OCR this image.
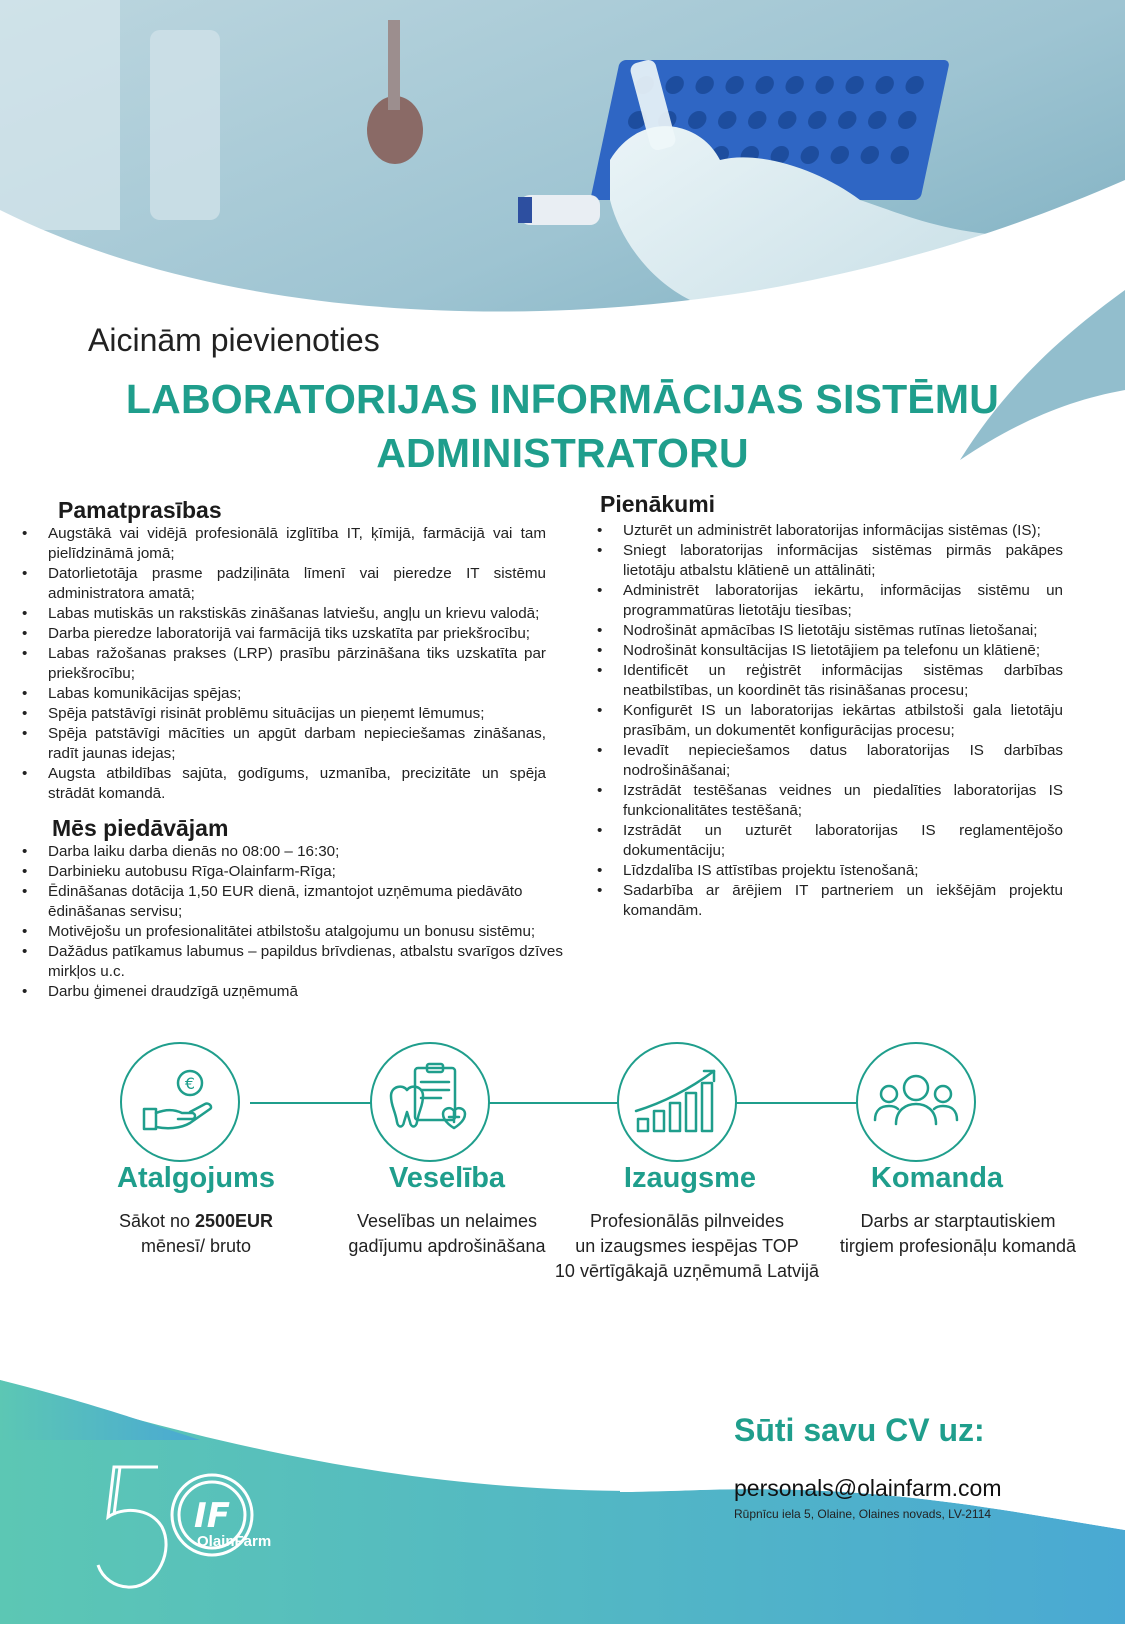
Aicinām pievienoties
LABORATORIJAS INFORMĀCIJAS SISTĒMU
ADMINISTRATORU
Pamatprasības
• Augstākā vai vidējā profesionālā izglītība IT, ķīmijā, farmācijā vai tam pielīdzināmā jomā;
• Datorlietotāja prasme padziļināta līmenī vai pieredze IT sistēmu administratora amatā;
• Labas mutiskās un rakstiskās zināšanas latviešu, angļu un krievu valodā;
• Darba pieredze laboratorijā vai farmācijā tiks uzskatīta par priekšrocību;
• Labas ražošanas prakses (LRP) prasību pārzināšana tiks uzskatīta par priekšrocību;
• Labas komunikācijas spējas;
• Spēja patstāvīgi risināt problēmu situācijas un pieņemt lēmumus;
• Spēja patstāvīgi mācīties un apgūt darbam nepieciešamas zināšanas, radīt jaunas idejas;
• Augsta atbildības sajūta, godīgums, uzmanība, precizitāte un spēja strādāt komandā.
Mēs piedāvājam
• Darba laiku darba dienās no 08:00 – 16:30;
• Darbinieku autobusu Rīga-Olainfarm-Rīga;
• Ēdināšanas dotācija 1,50 EUR dienā, izmantojot uzņēmuma piedāvāto ēdināšanas servisu;
• Motivējošu un profesionalitātei atbilstošu atalgojumu un bonusu sistēmu;
• Dažādus patīkamus labumus – papildus brīvdienas, atbalstu svarīgos dzīves mirkļos u.c.
• Darbu ģimenei draudzīgā uzņēmumā
Pienākumi
• Uzturēt un administrēt laboratorijas informācijas sistēmas (IS);
• Sniegt laboratorijas informācijas sistēmas pirmās pakāpes lietotāju atbalstu klātienē un attālināti;
• Administrēt laboratorijas iekārtu, informācijas sistēmu un programmatūras lietotāju tiesības;
• Nodrošināt apmācības IS lietotāju sistēmas rutīnas lietošanai;
• Nodrošināt konsultācijas IS lietotājiem pa telefonu un klātienē;
• Identificēt un reģistrēt informācijas sistēmas darbības neatbilstības, un koordinēt tās risināšanas procesu;
• Konfigurēt IS un laboratorijas iekārtas atbilstoši gala lietotāju prasībām, un dokumentēt konfigurācijas procesu;
• Ievadīt nepieciešamos datus laboratorijas IS darbības nodrošināšanai;
• Izstrādāt testēšanas veidnes un piedalīties laboratorijas IS funkcionalitātes testēšanā;
• Izstrādāt un uzturēt laboratorijas IS reglamentējošo dokumentāciju;
• Līdzdalība IS attīstības projektu īstenošanā;
• Sadarbība ar ārējiem IT partneriem un iekšējām projektu komandām.
€
Atalgojums	Veselība	Izaugsme	Komanda
Sākot no 2500EUR
mēnesī/ bruto
Veselības un nelaimes
gadījumu apdrošināšana
Profesionālās pilnveides
un izaugsmes iespējas TOP
10 vērtīgākajā uzņēmumā Latvijā
Darbs ar starptautiskiem
tirgiem profesionāļu komandā
Sūti savu CV uz:
personals@olainfarm.com
Rūpnīcu iela 5, Olaine, Olaines novads, LV-2114
IF
OlainFarm
